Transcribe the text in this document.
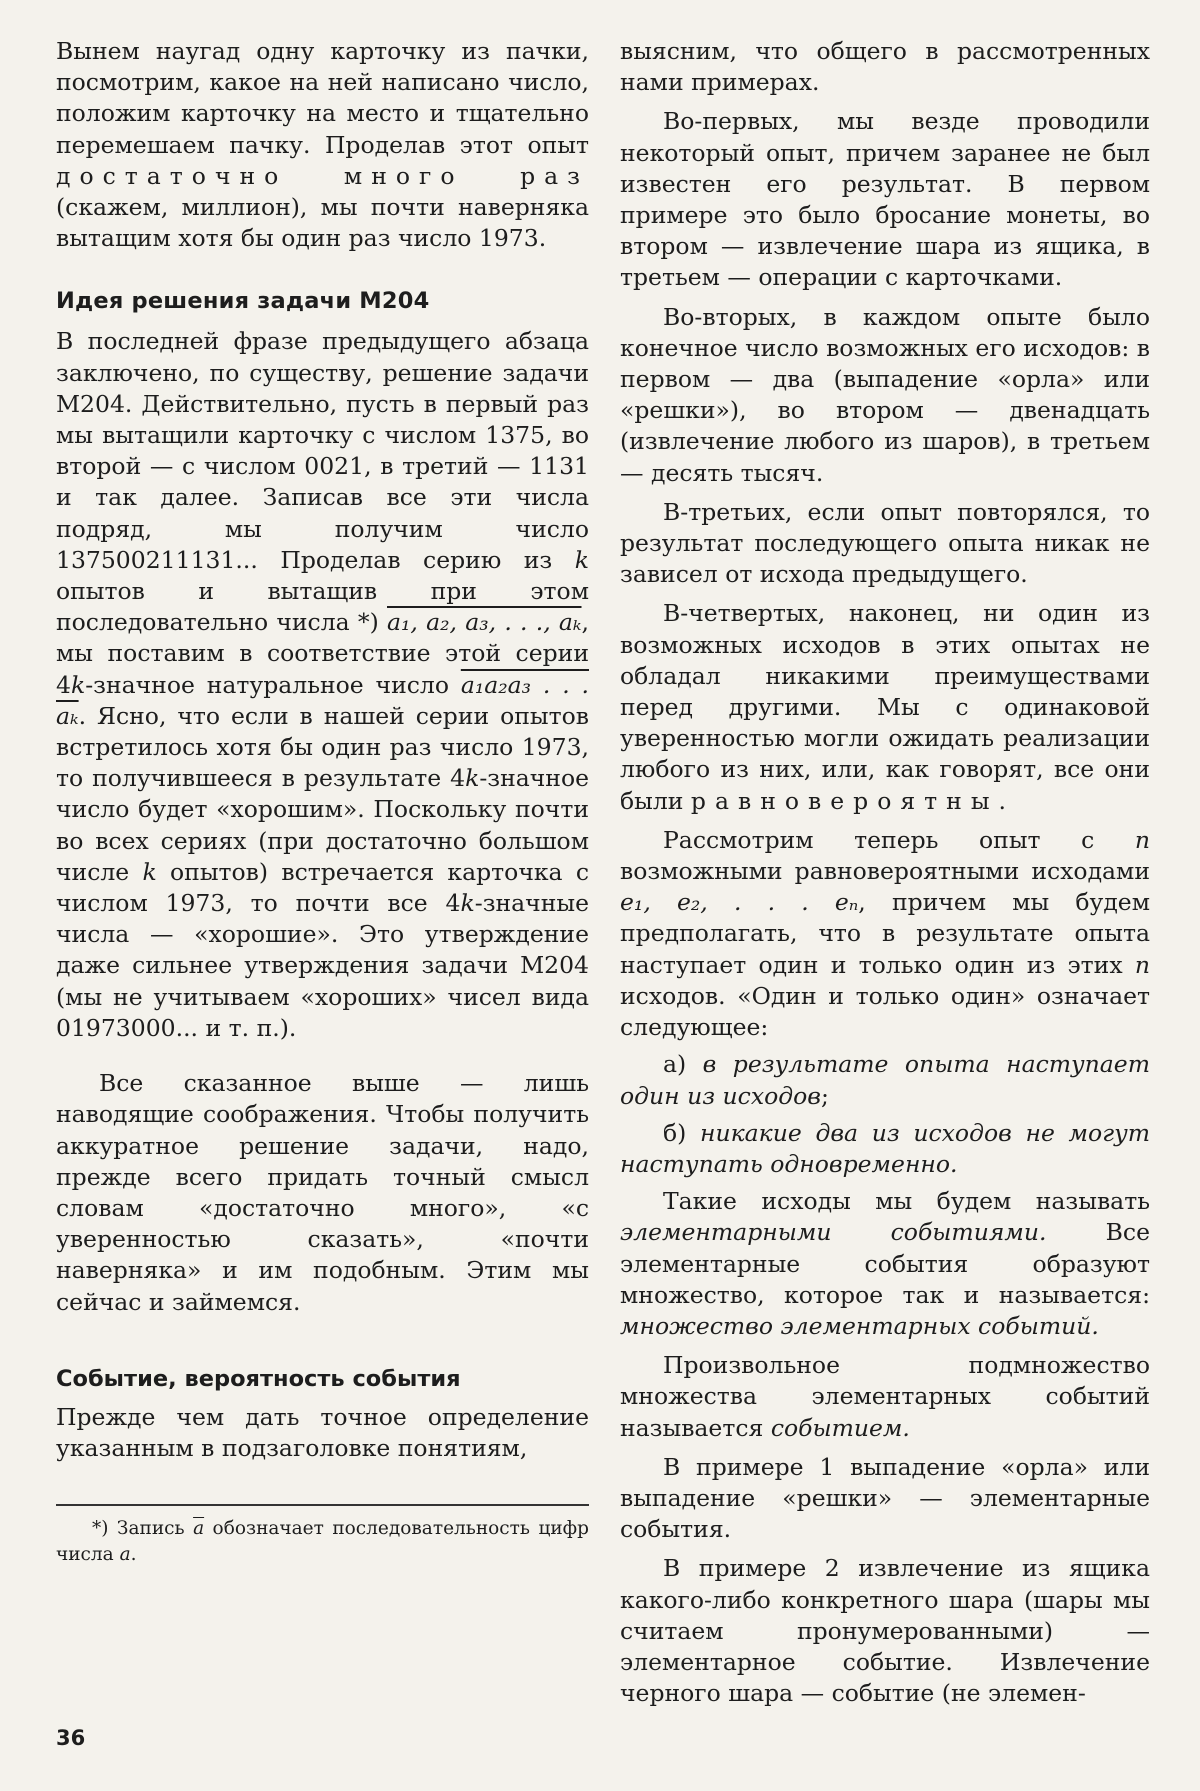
Вынем наугад одну карточку из пачки, посмотрим, какое на ней написано число, положим карточку на место и тщательно перемешаем пачку. Проделав этот опыт достаточно много раз (скажем, миллион), мы почти наверняка вытащим хотя бы один раз число 1973.

Идея решения задачи М204

В последней фразе предыдущего абзаца заключено, по существу, решение задачи М204. Действительно, пусть в первый раз мы вытащили карточку с числом 1375, во второй — с числом 0021, в третий — 1131 и так далее. Записав все эти числа подряд, мы получим число 137500211131... Проделав серию из k опытов и вытащив при этом последовательно числа *) a₁, a₂, a₃, . . ., aₖ, мы поставим в соответствие этой серии 4k-значное натуральное число a₁a₂a₃ . . . aₖ. Ясно, что если в нашей серии опытов встретилось хотя бы один раз число 1973, то получившееся в результате 4k-значное число будет «хорошим». Поскольку почти во всех сериях (при достаточно большом числе k опытов) встречается карточка с числом 1973, то почти все 4k-значные числа — «хорошие». Это утверждение даже сильнее утверждения задачи М204 (мы не учитываем «хороших» чисел вида 01973000... и т. п.).

Все сказанное выше — лишь наводящие соображения. Чтобы получить аккуратное решение задачи, надо, прежде всего придать точный смысл словам «достаточно много», «с уверенностью сказать», «почти наверняка» и им подобным. Этим мы сейчас и займемся.

Событие, вероятность события

Прежде чем дать точное определение указанным в подзаголовке понятиям,

*) Запись $\overline{a}$ обозначает последовательность цифр числа a.

выясним, что общего в рассмотренных нами примерах.

Во-первых, мы везде проводили некоторый опыт, причем заранее не был известен его результат. В первом примере это было бросание монеты, во втором — извлечение шара из ящика, в третьем — операции с карточками.

Во-вторых, в каждом опыте было конечное число возможных его исходов: в первом — два (выпадение «орла» или «решки»), во втором — двенадцать (извлечение любого из шаров), в третьем — десять тысяч.

В-третьих, если опыт повторялся, то результат последующего опыта никак не зависел от исхода предыдущего.

В-четвертых, наконец, ни один из возможных исходов в этих опытах не обладал никакими преимуществами перед другими. Мы с одинаковой уверенностью могли ожидать реализации любого из них, или, как говорят, все они были равновероятны.

Рассмотрим теперь опыт с n возможными равновероятными исходами e₁, e₂, . . . eₙ, причем мы будем предполагать, что в результате опыта наступает один и только один из этих n исходов. «Один и только один» означает следующее:

а) в результате опыта наступает один из исходов;

б) никакие два из исходов не могут наступать одновременно.

Такие исходы мы будем называть элементарными событиями. Все элементарные события образуют множество, которое так и называется: множество элементарных событий.

Произвольное подмножество множества элементарных событий называется событием.

В примере 1 выпадение «орла» или выпадение «решки» — элементарные события.

В примере 2 извлечение из ящика какого-либо конкретного шара (шары мы считаем пронумерованными) — элементарное событие. Извлечение черного шара — событие (не элемен-

36
